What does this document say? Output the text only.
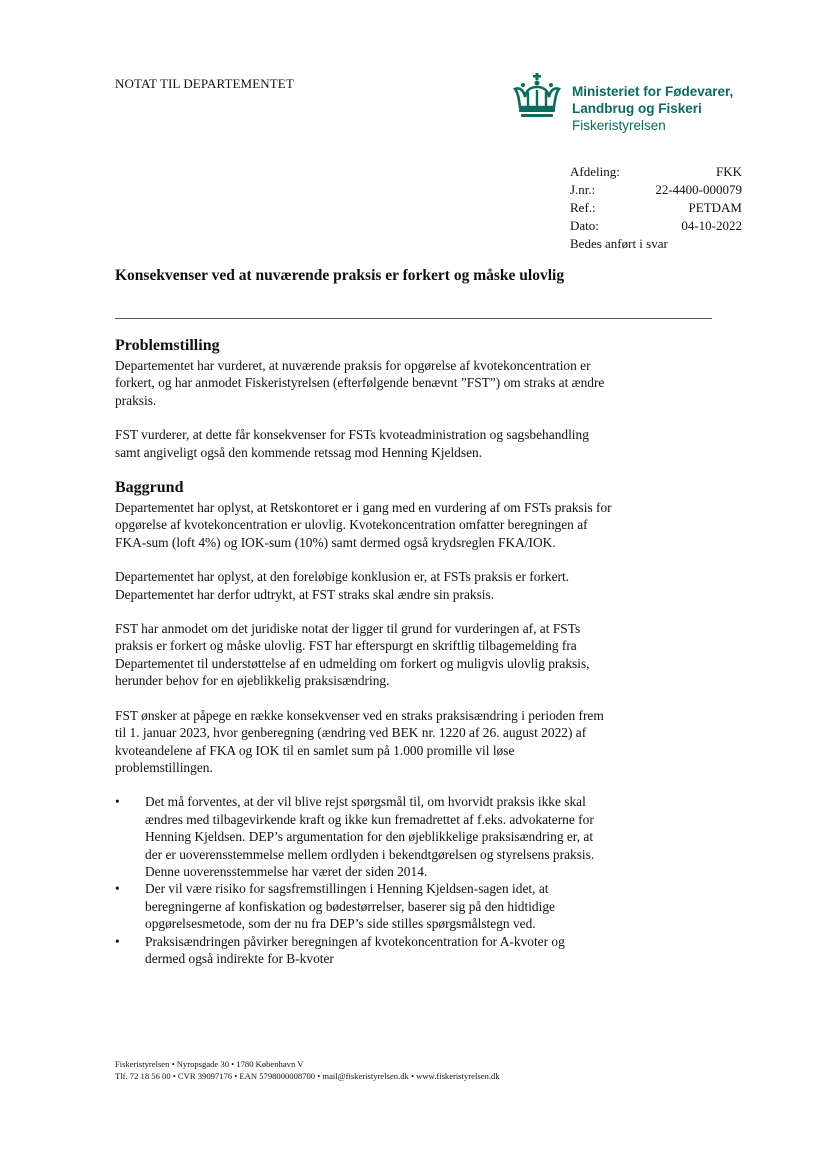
NOTAT TIL DEPARTEMENTET
Ministeriet for Fødevarer,
Landbrug og Fiskeri
Fiskeristyrelsen
Afdeling:	FKK
J.nr.:	22-4400-000079
Ref.:	PETDAM
Dato:	04-10-2022
Bedes anført i svar
Konsekvenser ved at nuværende praksis er forkert og måske ulovlig
Problemstilling

Departementet har vurderet, at nuværende praksis for opgørelse af kvotekoncentration er forkert, og har anmodet Fiskeristyrelsen (efterfølgende benævnt ”FST”) om straks at ændre praksis.

FST vurderer, at dette får konsekvenser for FSTs kvoteadministration og sagsbehandling samt angiveligt også den kommende retssag mod Henning Kjeldsen.

Baggrund

Departementet har oplyst, at Retskontoret er i gang med en vurdering af om FSTs praksis for opgørelse af kvotekoncentration er ulovlig. Kvotekoncentration omfatter beregningen af FKA-sum (loft 4%) og IOK-sum (10%) samt dermed også krydsreglen FKA/IOK.

Departementet har oplyst, at den foreløbige konklusion er, at FSTs praksis er forkert. Departementet har derfor udtrykt, at FST straks skal ændre sin praksis.

FST har anmodet om det juridiske notat der ligger til grund for vurderingen af, at FSTs praksis er forkert og måske ulovlig. FST har efterspurgt en skriftlig tilbagemelding fra Departementet til understøttelse af en udmelding om forkert og muligvis ulovlig praksis, herunder behov for en øjeblikkelig praksisændring.

FST ønsker at påpege en række konsekvenser ved en straks praksisændring i perioden frem til 1. januar 2023, hvor genberegning (ændring ved BEK nr. 1220 af 26. august 2022) af kvoteandelene af FKA og IOK til en samlet sum på 1.000 promille vil løse problemstillingen.

• Det må forventes, at der vil blive rejst spørgsmål til, om hvorvidt praksis ikke skal ændres med tilbagevirkende kraft og ikke kun fremadrettet af f.eks. advokaterne for Henning Kjeldsen. DEP’s argumentation for den øjeblikkelige praksisændring er, at der er uoverensstemmelse mellem ordlyden i bekendtgørelsen og styrelsens praksis. Denne uoverensstemmelse har været der siden 2014.
• Der vil være risiko for sagsfremstillingen i Henning Kjeldsen-sagen idet, at beregningerne af konfiskation og bødestørrelser, baserer sig på den hidtidige opgørelsesmetode, som der nu fra DEP’s side stilles spørgsmålstegn ved.
• Praksisændringen påvirker beregningen af kvotekoncentration for A-kvoter og dermed også indirekte for B-kvoter
Fiskeristyrelsen • Nyropsgade 30 • 1780 København V
Tlf. 72 18 56 00 • CVR 39097176 • EAN 5798000008700 • mail@fiskeristyrelsen.dk • www.fiskeristyrelsen.dk
